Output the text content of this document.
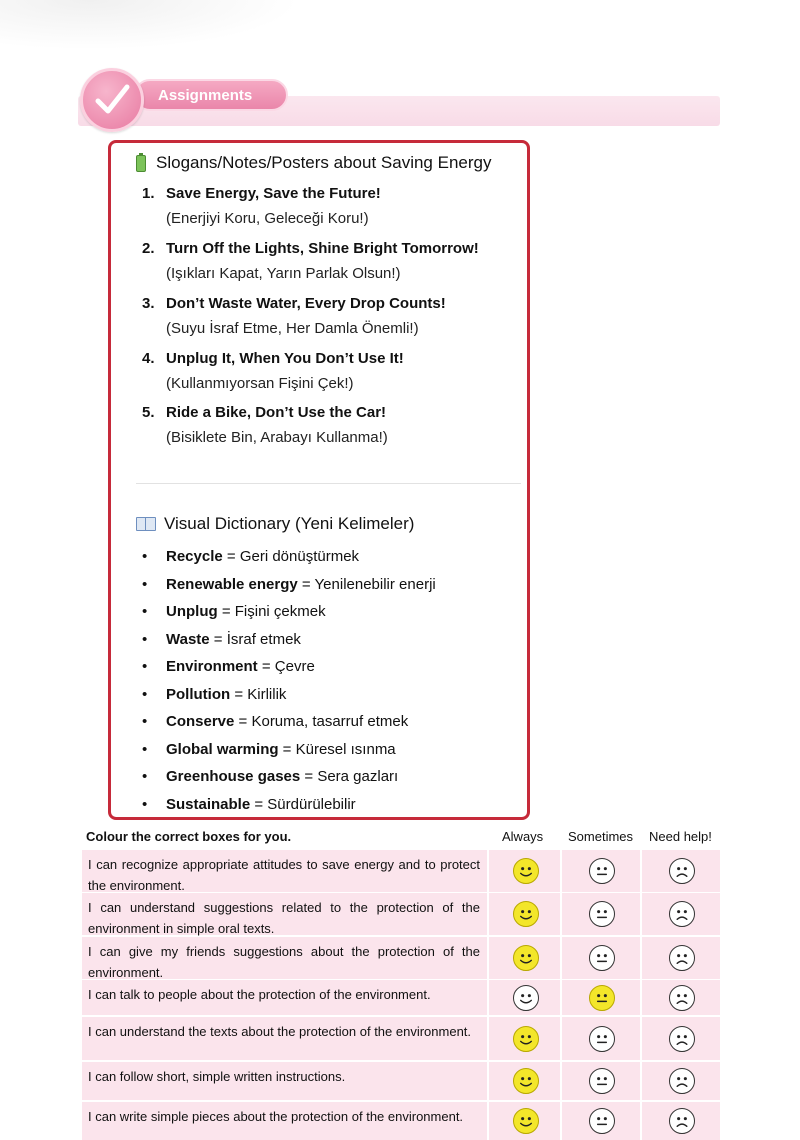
Assignments
Slogans/Notes/Posters about Saving Energy
1. Save Energy, Save the Future!
(Enerjiyi Koru, Geleceği Koru!)
2. Turn Off the Lights, Shine Bright Tomorrow!
(Işıkları Kapat, Yarın Parlak Olsun!)
3. Don’t Waste Water, Every Drop Counts!
(Suyu İsraf Etme, Her Damla Önemli!)
4. Unplug It, When You Don’t Use It!
(Kullanmıyorsan Fişini Çek!)
5. Ride a Bike, Don’t Use the Car!
(Bisiklete Bin, Arabayı Kullanma!)
Visual Dictionary (Yeni Kelimeler)
• Recycle = Geri dönüştürmek
• Renewable energy = Yenilenebilir enerji
• Unplug = Fişini çekmek
• Waste = İsraf etmek
• Environment = Çevre
• Pollution = Kirlilik
• Conserve = Koruma, tasarruf etmek
• Global warming = Küresel ısınma
• Greenhouse gases = Sera gazları
• Sustainable = Sürdürülebilir
Colour the correct boxes for you.	Always Sometimes Need help!
I can recognize appropriate attitudes to save energy and to protect the environment.
I can understand suggestions related to the protection of the environment in simple oral texts.
I can give my friends suggestions about the protection of the environment.
I can talk to people about the protection of the environment.
I can understand the texts about the protection of the environment.
I can follow short, simple written instructions.
I can write simple pieces about the protection of the environment.
